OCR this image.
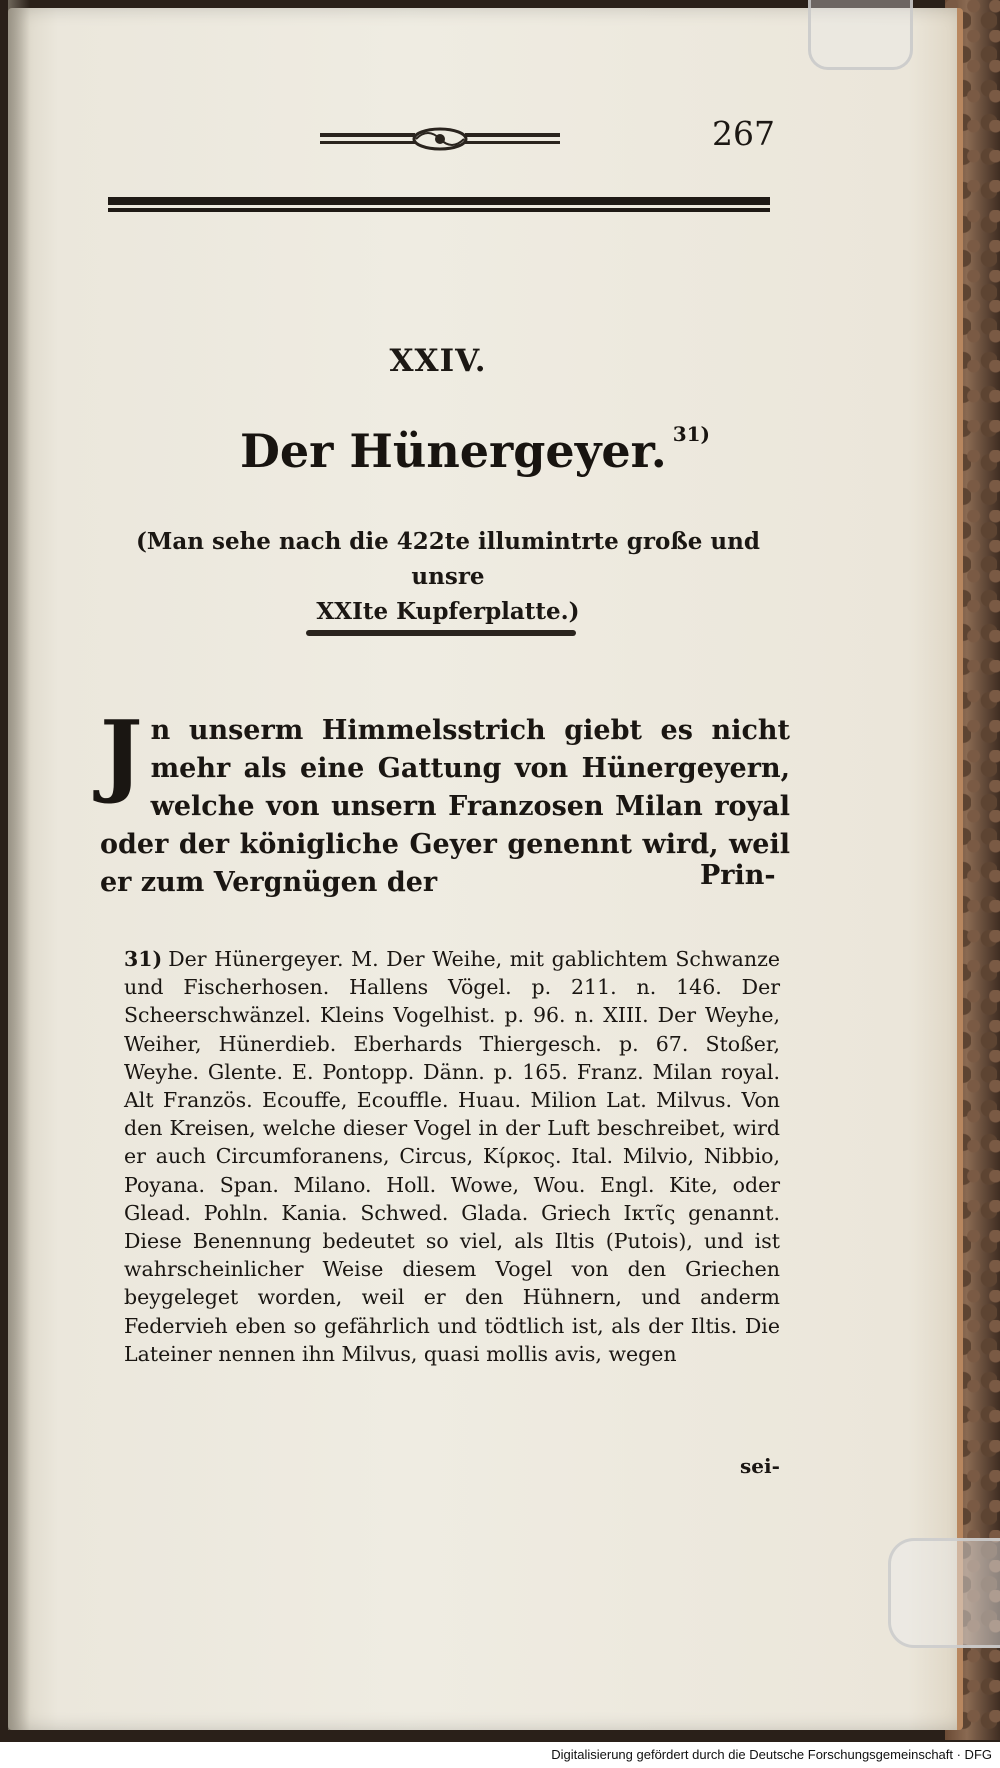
267
XXIV.
Der Hünergeyer. $^{31)}$
(Man sehe nach die 422te illumintrte große und unsre
XXIte Kupferplatte.)
Jn unserm Himmelsstrich giebt es nicht mehr als eine Gattung von Hünergeyern, welche von unsern Franzosen Milan royal oder der königliche Geyer genennt wird, weil er zum Vergnügen der	Prin-
31) Der Hünergeyer. M. Der Weihe, mit gablichtem Schwanze und Fischerhosen. Hallens Vögel. p. 211. n. 146. Der Scheerschwänzel. Kleins Vogelhist. p. 96. n. XIII. Der Weyhe, Weiher, Hünerdieb. Eberhards Thiergesch. p. 67. Stoßer, Weyhe. Glente. E. Pontopp. Dänn. p. 165. Franz. Milan royal. Alt Französ. Ecouffe, Ecouffle. Huau. Milion Lat. Milvus. Von den Kreisen, welche dieser Vogel in der Luft beschreibet, wird er auch Circumforanens, Circus, Κίρκος. Ital. Milvio, Nibbio, Poyana. Span. Milano. Holl. Wowe, Wou. Engl. Kite, oder Glead. Pohln. Kania. Schwed. Glada. Griech Ικτῖς genannt. Diese Benennung bedeutet so viel, als Iltis (Putois), und ist wahrscheinlicher Weise diesem Vogel von den Griechen beygeleget worden, weil er den Hühnern, und anderm Federvieh eben so gefährlich und tödtlich ist, als der Iltis. Die Lateiner nennen ihn Milvus, quasi mollis avis, wegen
sei-
Digitalisierung gefördert durch die Deutsche Forschungsgemeinschaft · DFG
